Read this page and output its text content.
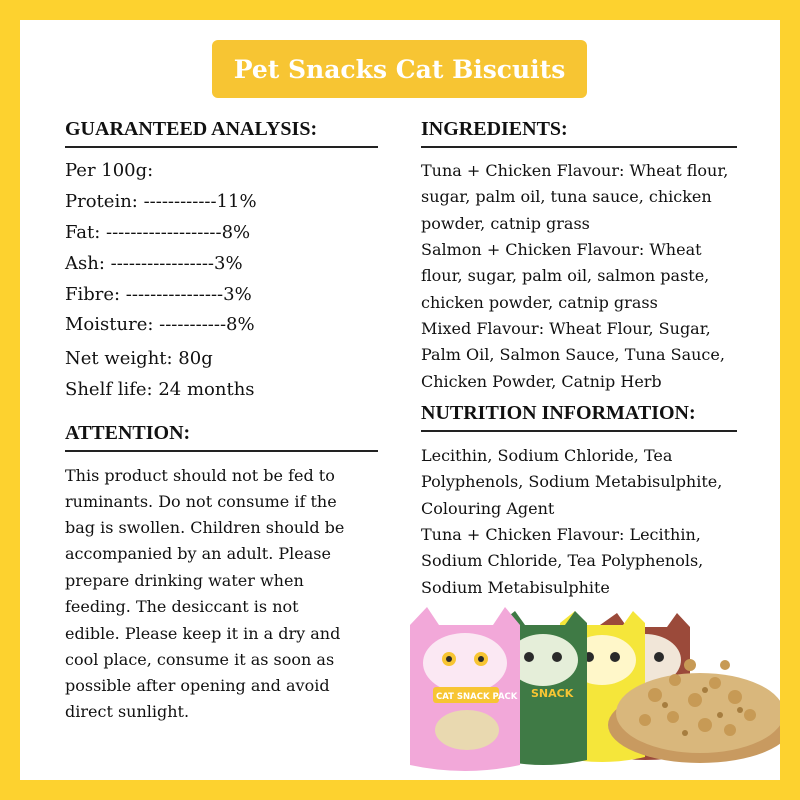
Pet Snacks Cat Biscuits
GUARANTEED ANALYSIS:
Per 100g:
Protein: ------------11%
Fat: -------------------8%
Ash: -----------------3%
Fibre: ----------------3%
Moisture: -----------8%
Net weight: 80g
Shelf life: 24 months
ATTENTION:
This product should not be fed to
ruminants. Do not consume if the
bag is swollen. Children should be
accompanied by an adult. Please
prepare drinking water when
feeding. The desiccant is not
edible. Please keep it in a dry and
cool place, consume it as soon as
possible after opening and avoid
direct sunlight.
INGREDIENTS:
Tuna + Chicken Flavour: Wheat flour,
sugar, palm oil, tuna sauce, chicken
powder, catnip grass
Salmon + Chicken Flavour: Wheat
flour, sugar, palm oil, salmon paste,
chicken powder, catnip grass
Mixed Flavour: Wheat Flour, Sugar,
Palm Oil, Salmon Sauce, Tuna Sauce,
Chicken Powder, Catnip Herb
NUTRITION INFORMATION:
Lecithin, Sodium Chloride, Tea
Polyphenols, Sodium Metabisulphite,
Colouring Agent
Tuna + Chicken Flavour: Lecithin,
Sodium Chloride, Tea Polyphenols,
Sodium Metabisulphite
SNACK
CAT SNACK PACK
